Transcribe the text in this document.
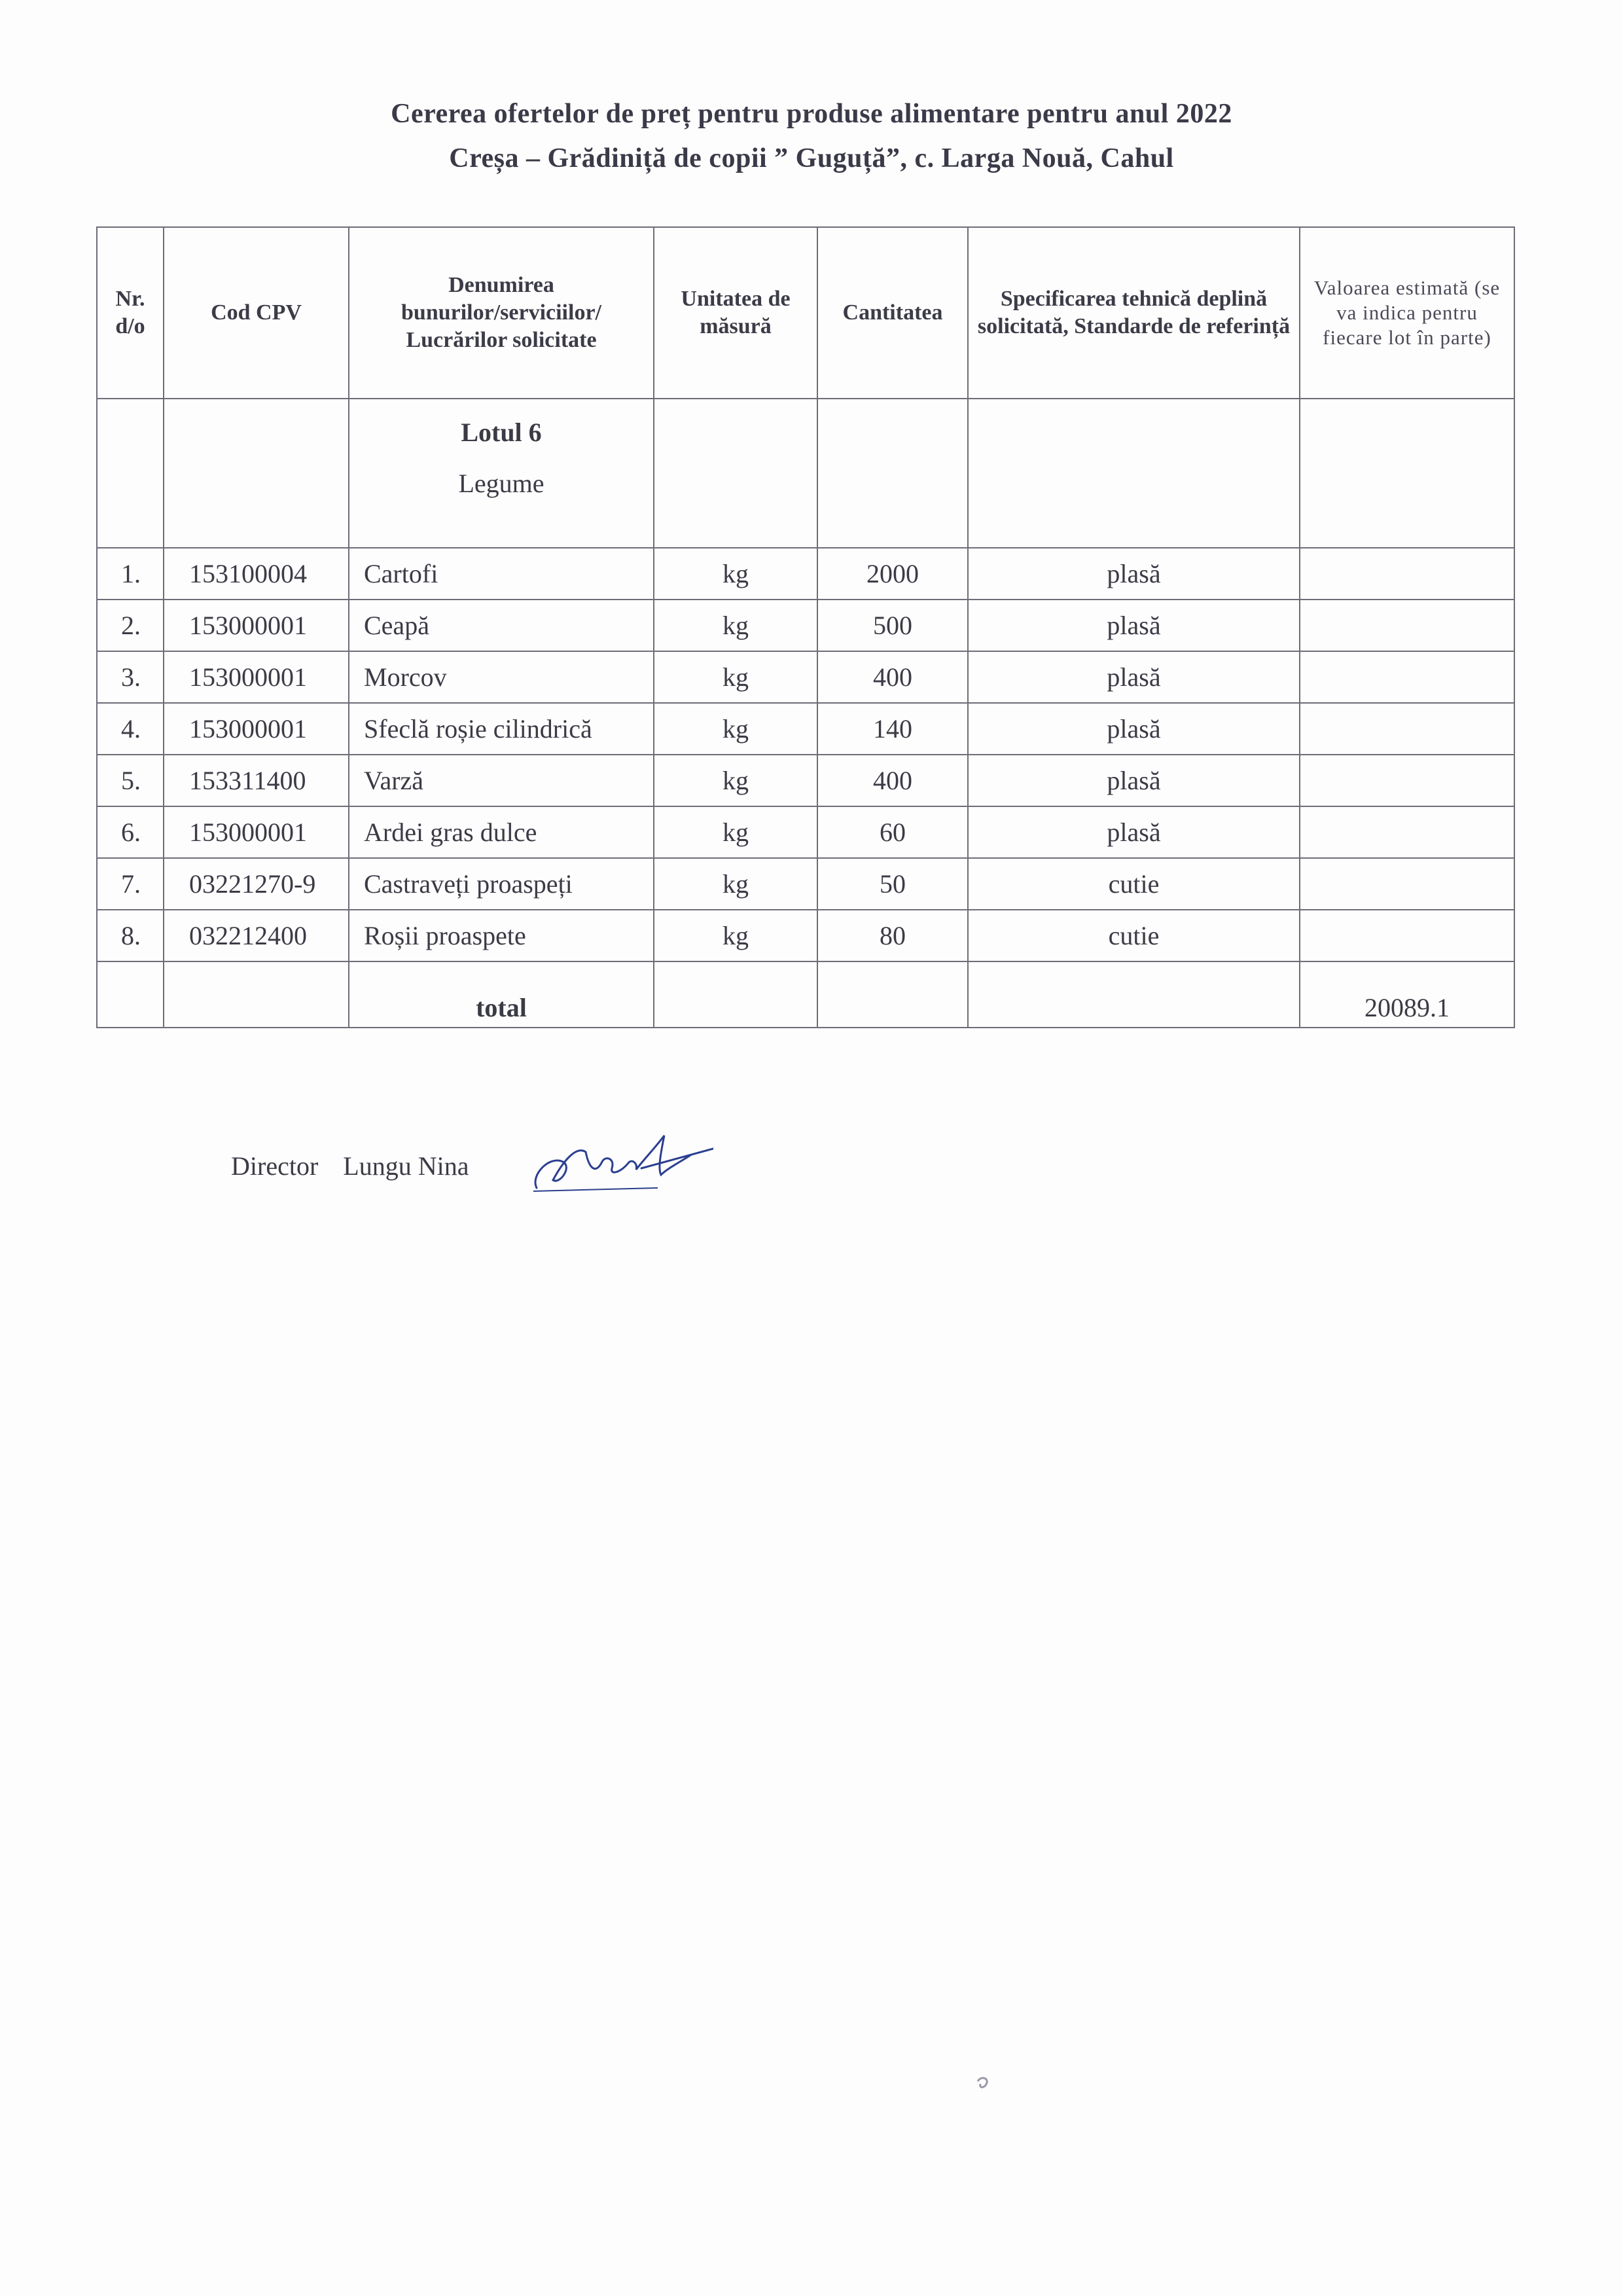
Cererea ofertelor de preț pentru produse alimentare pentru anul 2022
Creșa – Grădiniță de copii ” Guguță”, c. Larga Nouă, Cahul
Nr. d/o	Cod CPV	Denumirea bunurilor/serviciilor/ Lucrărilor solicitate	Unitatea de măsură	Cantitatea	Specificarea tehnică deplină solicitată, Standarde de referință	Valoarea estimată (se va indica pentru fiecare lot în parte)

		Lotul 6
Legume				

1.	153100004	Cartofi	kg	2000	plasă	
2.	153000001	Ceapă	kg	500	plasă	
3.	153000001	Morcov	kg	400	plasă	
4.	153000001	Sfeclă roșie cilindrică	kg	140	plasă	
5.	153311400	Varză	kg	400	plasă	
6.	153000001	Ardei gras dulce	kg	60	plasă	
7.	03221270-9	Castraveți proaspeți	kg	50	cutie	
8.	032212400	Roșii proaspete	kg	80	cutie	
		total				20089.1
Director Lungu Nina
